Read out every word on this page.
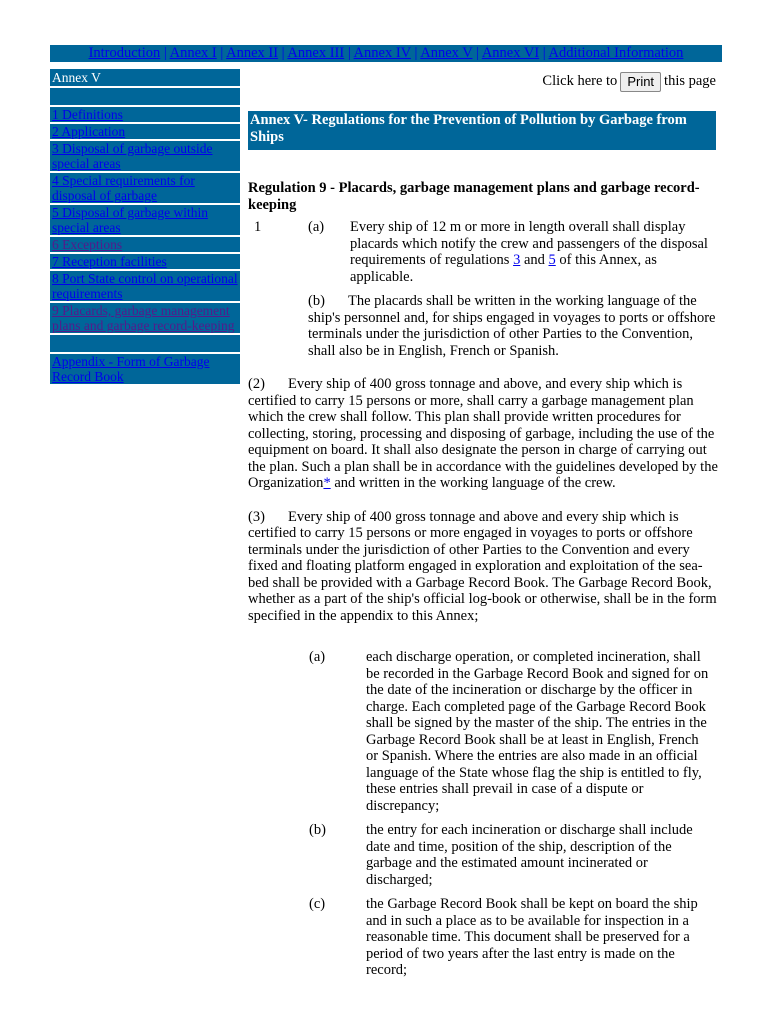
Introduction | Annex I | Annex II | Annex III | Annex IV | Annex V | Annex VI | Additional Information
Annex V
1 Definitions
2 Application
3 Disposal of garbage outside special areas
4 Special requirements for disposal of garbage
5 Disposal of garbage within special areas
6 Exceptions
7 Reception facilities
8 Port State control on operational requirements
9 Placards, garbage management plans and garbage record-keeping
Appendix - Form of Garbage Record Book
Click here to Print this page
Annex V- Regulations for the Prevention of Pollution by Garbage from Ships
Regulation 9 - Placards, garbage management plans and garbage record-keeping
1	(a)	Every ship of 12 m or more in length overall shall display placards which notify the crew and passengers of the disposal requirements of regulations 3 and 5 of this Annex, as applicable.
(b) The placards shall be written in the working language of the ship's personnel and, for ships engaged in voyages to ports or offshore terminals under the jurisdiction of other Parties to the Convention, shall also be in English, French or Spanish.

(2) Every ship of 400 gross tonnage and above, and every ship which is certified to carry 15 persons or more, shall carry a garbage management plan which the crew shall follow. This plan shall provide written procedures for collecting, storing, processing and disposing of garbage, including the use of the equipment on board. It shall also designate the person in charge of carrying out the plan. Such a plan shall be in accordance with the guidelines developed by the Organization* and written in the working language of the crew.

(3) Every ship of 400 gross tonnage and above and every ship which is certified to carry 15 persons or more engaged in voyages to ports or offshore terminals under the jurisdiction of other Parties to the Convention and every fixed and floating platform engaged in exploration and exploitation of the sea-bed shall be provided with a Garbage Record Book. The Garbage Record Book, whether as a part of the ship's official log-book or otherwise, shall be in the form specified in the appendix to this Annex;

(a)	each discharge operation, or completed incineration, shall be recorded in the Garbage Record Book and signed for on the date of the incineration or discharge by the officer in charge. Each completed page of the Garbage Record Book shall be signed by the master of the ship. The entries in the Garbage Record Book shall be at least in English, French or Spanish. Where the entries are also made in an official language of the State whose flag the ship is entitled to fly, these entries shall prevail in case of a dispute or discrepancy;
(b)	the entry for each incineration or discharge shall include date and time, position of the ship, description of the garbage and the estimated amount incinerated or discharged;
(c)	the Garbage Record Book shall be kept on board the ship and in such a place as to be available for inspection in a reasonable time. This document shall be preserved for a period of two years after the last entry is made on the record;
